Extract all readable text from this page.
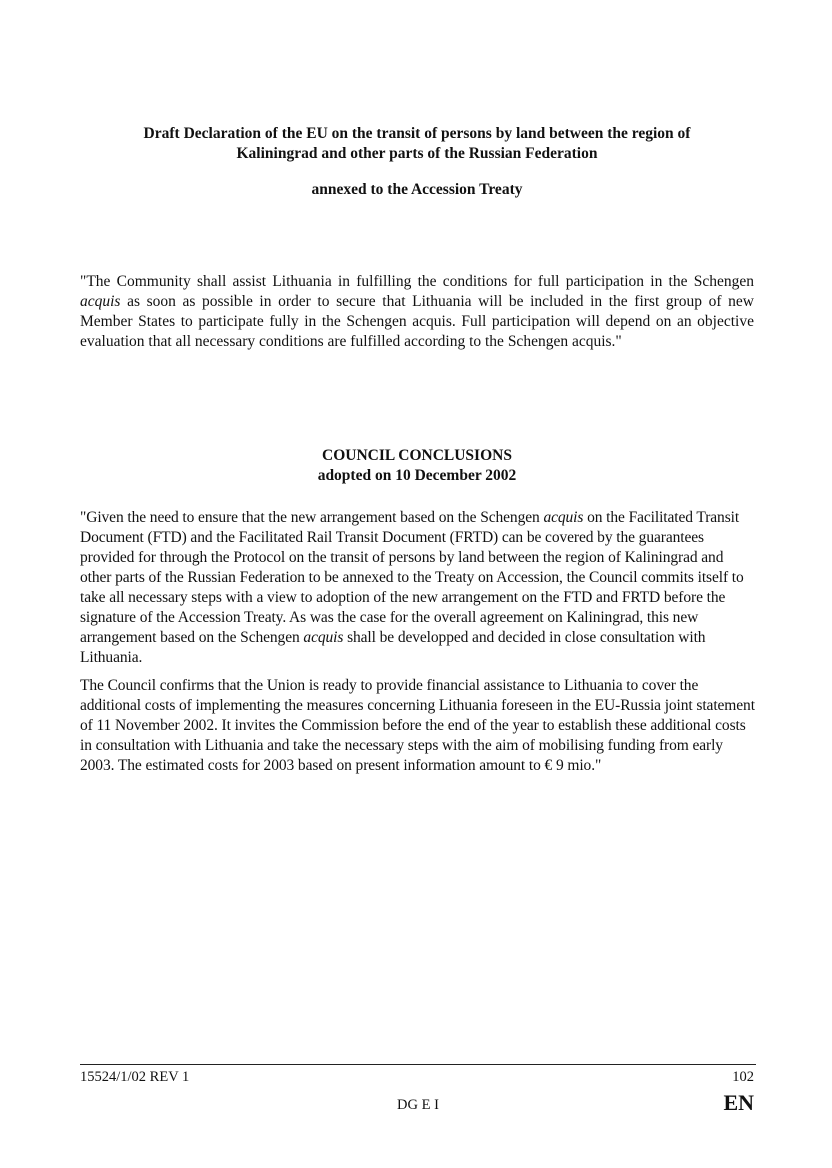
Draft Declaration of the EU on the transit of persons by land between the region of
Kaliningrad and other parts of the Russian Federation
annexed to the Accession Treaty
"The Community shall assist Lithuania in fulfilling the conditions for full participation in the Schengen acquis as soon as possible in order to secure that Lithuania will be included in the first group of new Member States to participate fully in the Schengen acquis. Full participation will depend on an objective evaluation that all necessary conditions are fulfilled according to the Schengen acquis."
COUNCIL CONCLUSIONS
adopted on 10 December 2002
"Given the need to ensure that the new arrangement based on the Schengen acquis on the Facilitated Transit Document (FTD) and the Facilitated Rail Transit Document (FRTD) can be covered by the guarantees provided for through the Protocol on the transit of persons by land between the region of Kaliningrad and other parts of the Russian Federation to be annexed to the Treaty on Accession, the Council commits itself to take all necessary steps with a view to adoption of the new arrangement on the FTD and FRTD before the signature of the Accession Treaty. As was the case for the overall agreement on Kaliningrad, this new arrangement based on the Schengen acquis shall be developped and decided in close consultation with Lithuania.
The Council confirms that the Union is ready to provide financial assistance to Lithuania to cover the additional costs of implementing the measures concerning Lithuania foreseen in the EU-Russia joint statement of 11 November 2002. It invites the Commission before the end of the year to establish these additional costs in consultation with Lithuania and take the necessary steps with the aim of mobilising funding from early 2003. The estimated costs for 2003 based on present information amount to € 9 mio."
15524/1/02 REV 1	102
DG E I	EN
